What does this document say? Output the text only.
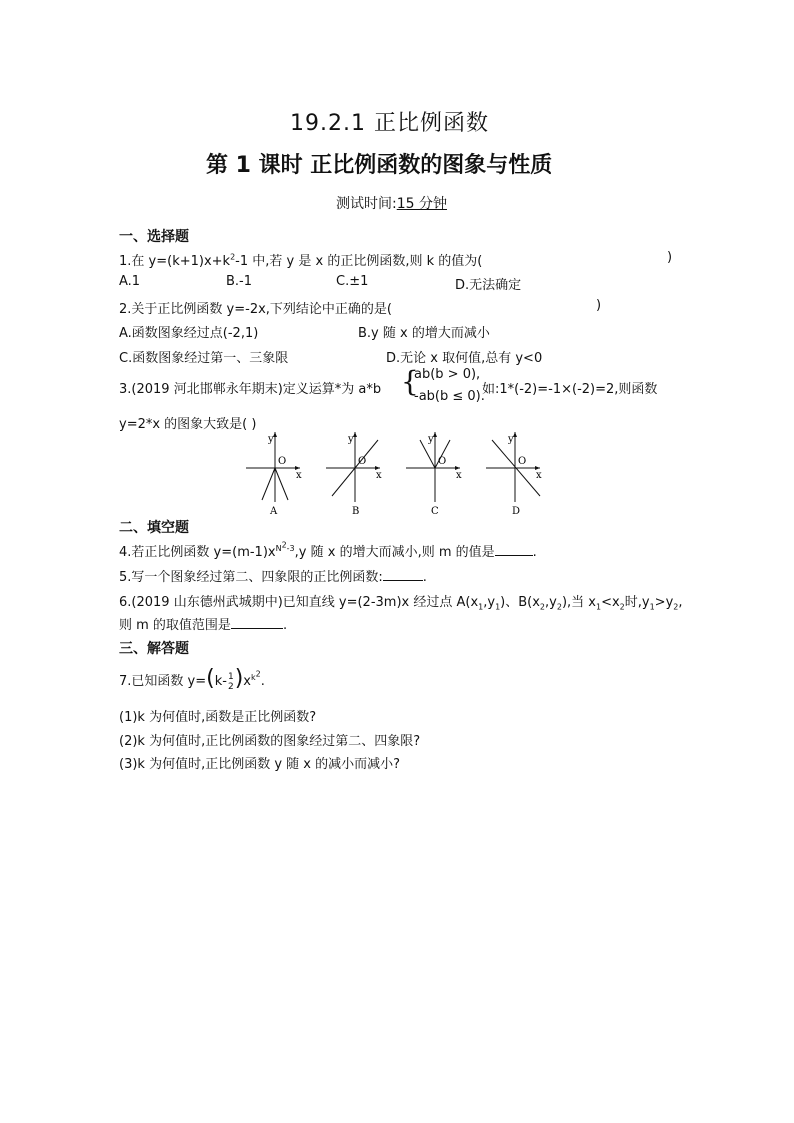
19.2.1 正比例函数
第 1 课时 正比例函数的图象与性质
测试时间:15 分钟
一、选择题
1.在 $y=(k+1)x+k^2-1$ 中,若 y 是 x 的正比例函数,则 k 的值为(	)
A.1	B.-1	C.±1	D.无法确定
2.关于正比例函数 y=-2x,下列结论中正确的是(	)
A.函数图象经过点(-2,1)	B.y 随 x 的增大而减小
C.函数图象经过第一、三象限	D.无论 x 取何值,总有 y<0
3.(2019 河北邯郸永年期末)定义运算*为 a*b {
ab(b > 0),
-ab(b ≤ 0).
如:1*(-2)=-1×(-2)=2,则函数
y=2*x 的图象大致是( )
y
x
O
A
y
x
O
B
y
x
O
C
y
x
O
D
二、填空题
4.若正比例函数 $y=(m-1)x^{N^2-3},y$ 随 x 的增大而减小,则 m 的值是	.
5.写一个图象经过第二、四象限的正比例函数:	.
6.(2019 山东德州武城期中)已知直线 y=(2-3m)x 经过点 $A(x_1,y_1)$、$B(x_2,y_2)$,当 $x_1<x_2$时$,y_1>y_2$,
则 m 的取值范围是	.
三、解答题
7.已知函数 y=(k-1
$2)x^{k^2}$.
(1)k 为何值时,函数是正比例函数?
(2)k 为何值时,正比例函数的图象经过第二、四象限?
(3)k 为何值时,正比例函数 y 随 x 的减小而减小?
